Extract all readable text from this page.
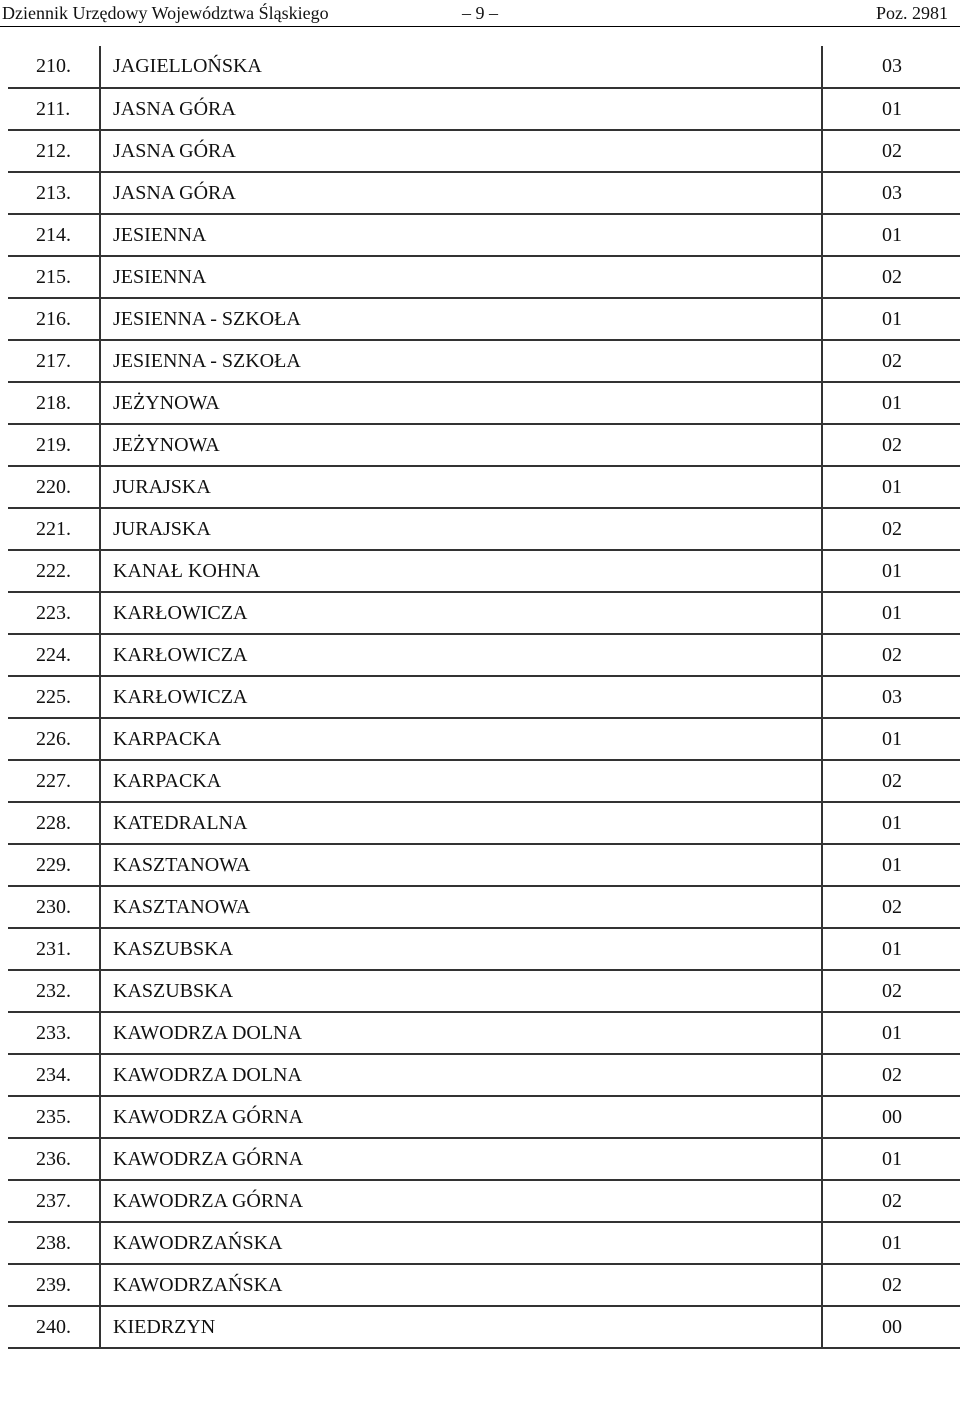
Dziennik Urzędowy Województwa Śląskiego	– 9 –	Poz. 2981
210.	JAGIELLOŃSKA	03
211.	JASNA GÓRA	01
212.	JASNA GÓRA	02
213.	JASNA GÓRA	03
214.	JESIENNA	01
215.	JESIENNA	02
216.	JESIENNA - SZKOŁA	01
217.	JESIENNA - SZKOŁA	02
218.	JEŻYNOWA	01
219.	JEŻYNOWA	02
220.	JURAJSKA	01
221.	JURAJSKA	02
222.	KANAŁ KOHNA	01
223.	KARŁOWICZA	01
224.	KARŁOWICZA	02
225.	KARŁOWICZA	03
226.	KARPACKA	01
227.	KARPACKA	02
228.	KATEDRALNA	01
229.	KASZTANOWA	01
230.	KASZTANOWA	02
231.	KASZUBSKA	01
232.	KASZUBSKA	02
233.	KAWODRZA DOLNA	01
234.	KAWODRZA DOLNA	02
235.	KAWODRZA GÓRNA	00
236.	KAWODRZA GÓRNA	01
237.	KAWODRZA GÓRNA	02
238.	KAWODRZAŃSKA	01
239.	KAWODRZAŃSKA	02
240.	KIEDRZYN	00
